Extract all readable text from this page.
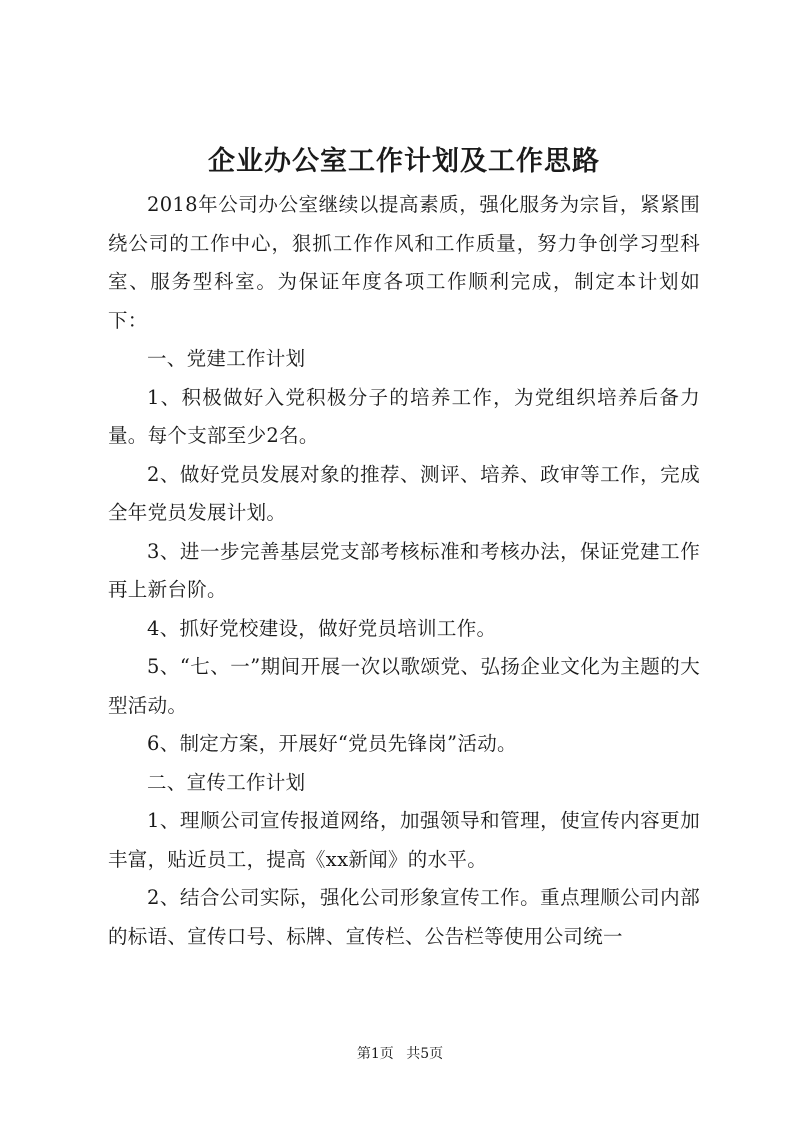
企业办公室工作计划及工作思路

2018年公司办公室继续以提高素质，强化服务为宗旨，紧紧围绕公司的工作中心，狠抓工作作风和工作质量，努力争创学习型科室、服务型科室。为保证年度各项工作顺利完成，制定本计划如下：

一、党建工作计划

1、积极做好入党积极分子的培养工作，为党组织培养后备力量。每个支部至少2名。

2、做好党员发展对象的推荐、测评、培养、政审等工作，完成全年党员发展计划。

3、进一步完善基层党支部考核标准和考核办法，保证党建工作再上新台阶。

4、抓好党校建设，做好党员培训工作。

5、“七、一”期间开展一次以歌颂党、弘扬企业文化为主题的大型活动。

6、制定方案，开展好“党员先锋岗”活动。

二、宣传工作计划

1、理顺公司宣传报道网络，加强领导和管理，使宣传内容更加丰富，贴近员工，提高《xx新闻》的水平。

2、结合公司实际，强化公司形象宣传工作。重点理顺公司内部的标语、宣传口号、标牌、宣传栏、公告栏等使用公司统一

第1页 共5页
